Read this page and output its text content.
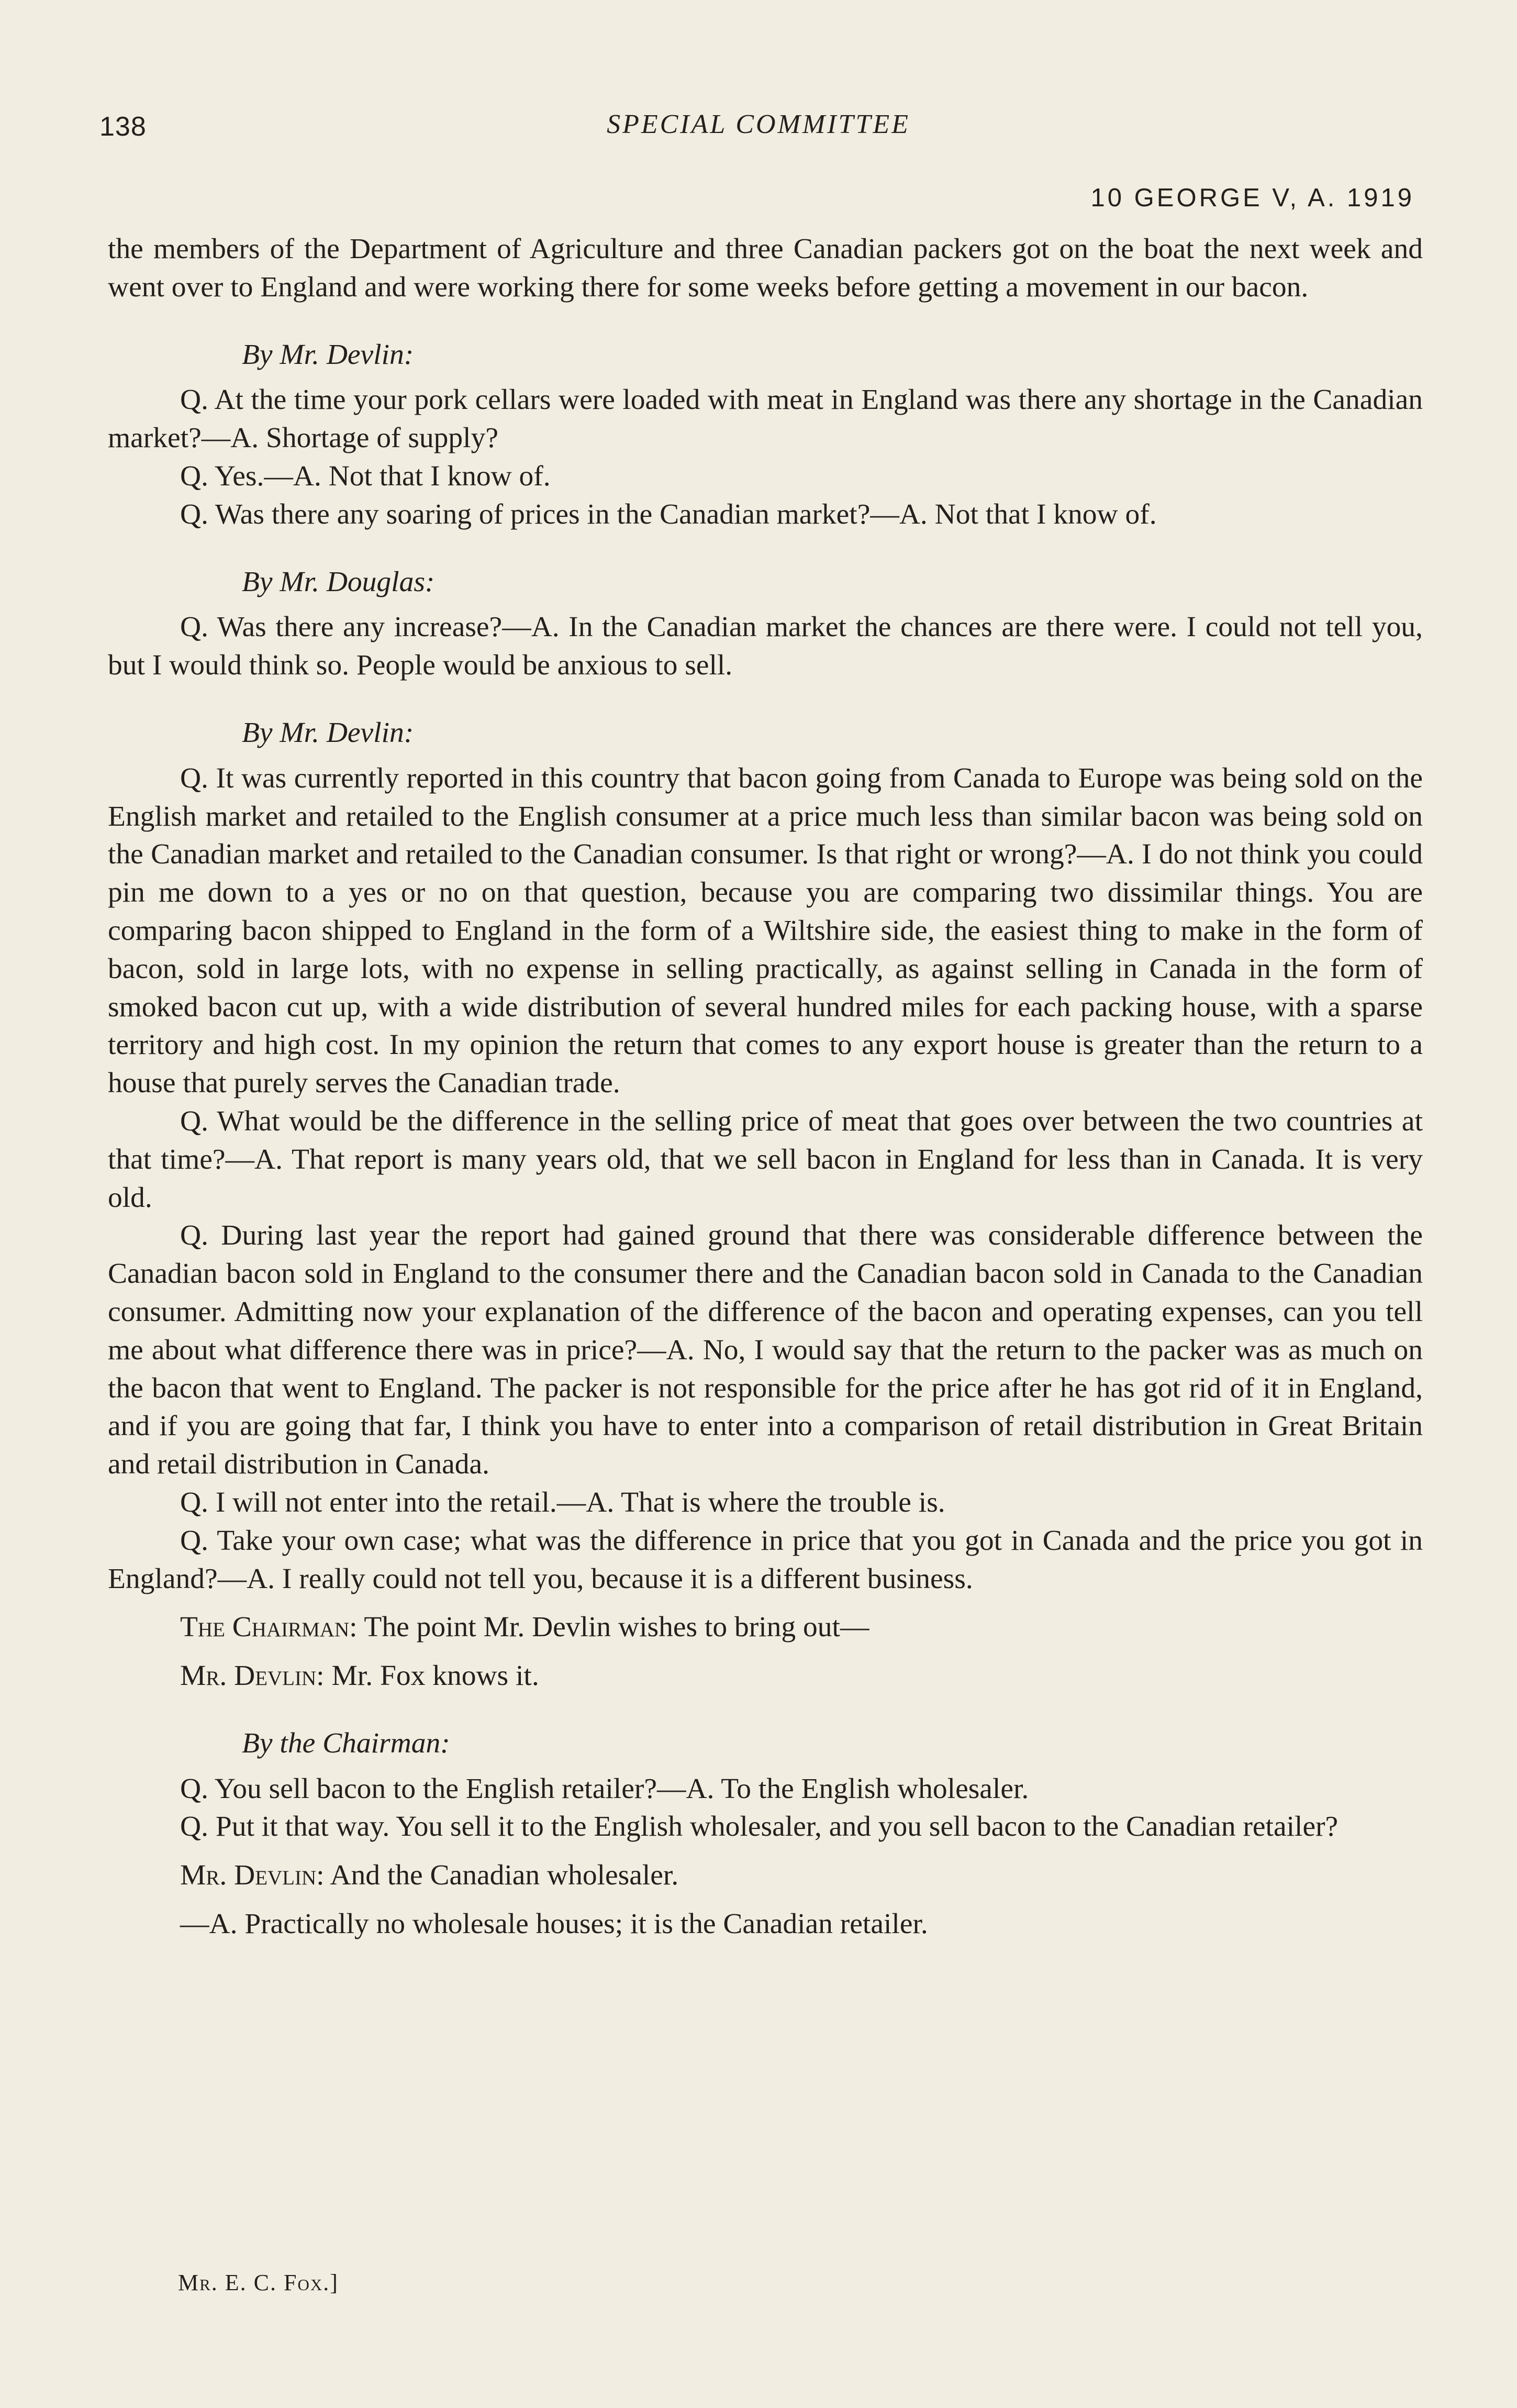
138	SPECIAL COMMITTEE
10 GEORGE V, A. 1919

the members of the Department of Agriculture and three Canadian packers got on the boat the next week and went over to England and were working there for some weeks before getting a movement in our bacon.

By Mr. Devlin:

Q. At the time your pork cellars were loaded with meat in England was there any shortage in the Canadian market?—A. Shortage of supply?

Q. Yes.—A. Not that I know of.

Q. Was there any soaring of prices in the Canadian market?—A. Not that I know of.

By Mr. Douglas:

Q. Was there any increase?—A. In the Canadian market the chances are there were. I could not tell you, but I would think so. People would be anxious to sell.

By Mr. Devlin:

Q. It was currently reported in this country that bacon going from Canada to Europe was being sold on the English market and retailed to the English consumer at a price much less than similar bacon was being sold on the Canadian market and retailed to the Canadian consumer. Is that right or wrong?—A. I do not think you could pin me down to a yes or no on that question, because you are comparing two dissimilar things. You are comparing bacon shipped to England in the form of a Wiltshire side, the easiest thing to make in the form of bacon, sold in large lots, with no expense in selling practically, as against selling in Canada in the form of smoked bacon cut up, with a wide distribution of several hundred miles for each packing house, with a sparse territory and high cost. In my opinion the return that comes to any export house is greater than the return to a house that purely serves the Canadian trade.

Q. What would be the difference in the selling price of meat that goes over between the two countries at that time?—A. That report is many years old, that we sell bacon in England for less than in Canada. It is very old.

Q. During last year the report had gained ground that there was considerable difference between the Canadian bacon sold in England to the consumer there and the Canadian bacon sold in Canada to the Canadian consumer. Admitting now your explanation of the difference of the bacon and operating expenses, can you tell me about what difference there was in price?—A. No, I would say that the return to the packer was as much on the bacon that went to England. The packer is not responsible for the price after he has got rid of it in England, and if you are going that far, I think you have to enter into a comparison of retail distribution in Great Britain and retail distribution in Canada.

Q. I will not enter into the retail.—A. That is where the trouble is.

Q. Take your own case; what was the difference in price that you got in Canada and the price you got in England?—A. I really could not tell you, because it is a different business.

The Chairman: The point Mr. Devlin wishes to bring out—

Mr. Devlin: Mr. Fox knows it.

By the Chairman:

Q. You sell bacon to the English retailer?—A. To the English wholesaler.

Q. Put it that way. You sell it to the English wholesaler, and you sell bacon to the Canadian retailer?

Mr. Devlin: And the Canadian wholesaler.

—A. Practically no wholesale houses; it is the Canadian retailer.

Mr. E. C. Fox.]
